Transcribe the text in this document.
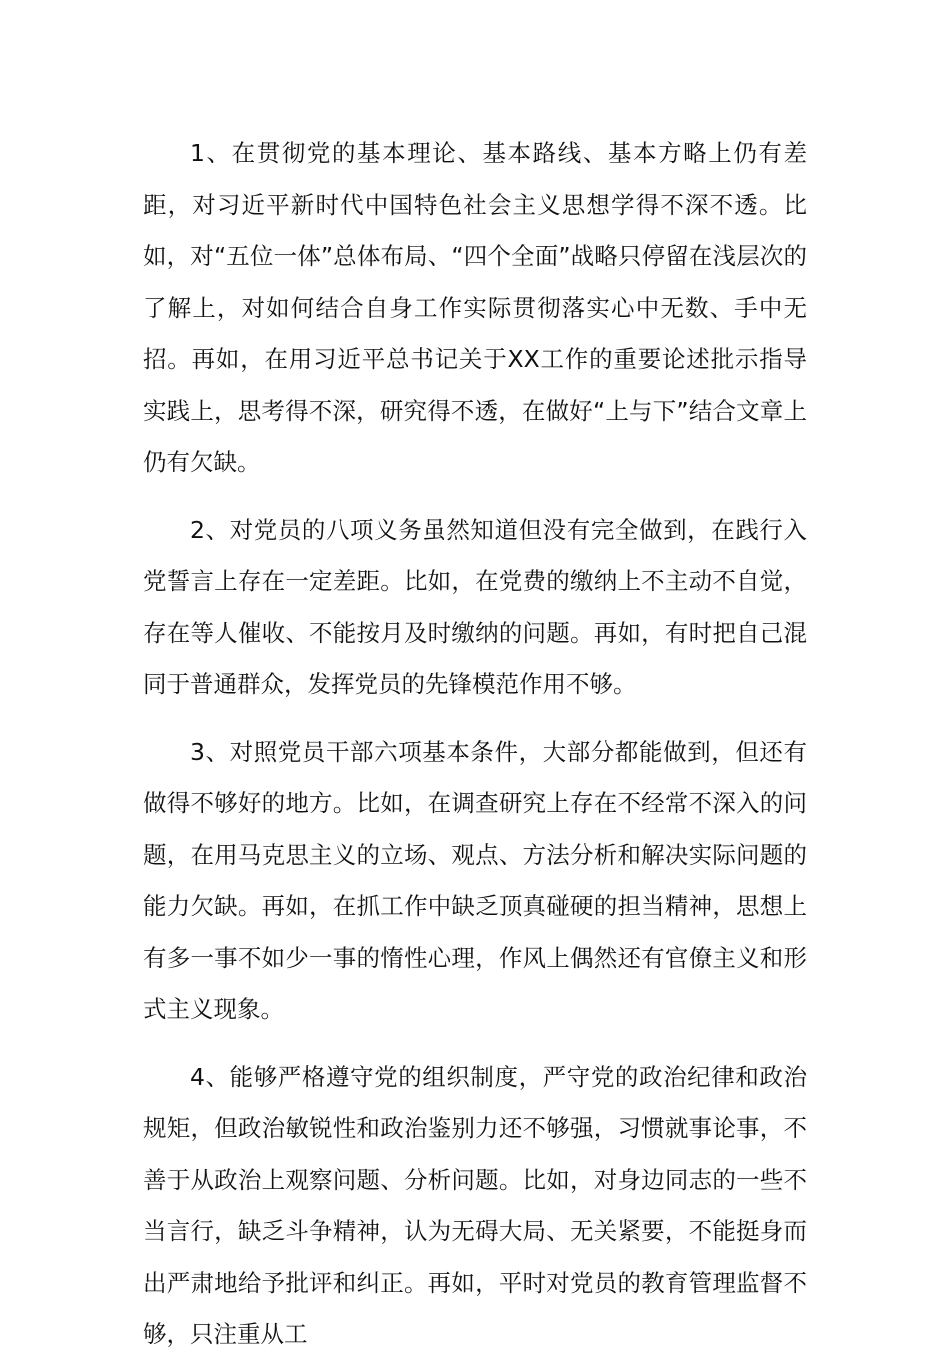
1、在贯彻党的基本理论、基本路线、基本方略上仍有差距，对习近平新时代中国特色社会主义思想学得不深不透。比如，对“五位一体”总体布局、“四个全面”战略只停留在浅层次的了解上，对如何结合自身工作实际贯彻落实心中无数、手中无招。再如，在用习近平总书记关于XX工作的重要论述批示指导实践上，思考得不深，研究得不透，在做好“上与下”结合文章上仍有欠缺。

2、对党员的八项义务虽然知道但没有完全做到，在践行入党誓言上存在一定差距。比如，在党费的缴纳上不主动不自觉，存在等人催收、不能按月及时缴纳的问题。再如，有时把自己混同于普通群众，发挥党员的先锋模范作用不够。

3、对照党员干部六项基本条件，大部分都能做到，但还有做得不够好的地方。比如，在调查研究上存在不经常不深入的问题，在用马克思主义的立场、观点、方法分析和解决实际问题的能力欠缺。再如，在抓工作中缺乏顶真碰硬的担当精神，思想上有多一事不如少一事的惰性心理，作风上偶然还有官僚主义和形式主义现象。

4、能够严格遵守党的组织制度，严守党的政治纪律和政治规矩，但政治敏锐性和政治鉴别力还不够强，习惯就事论事，不善于从政治上观察问题、分析问题。比如，对身边同志的一些不当言行，缺乏斗争精神，认为无碍大局、无关紧要，不能挺身而出严肃地给予批评和纠正。再如，平时对党员的教育管理监督不够，只注重从工
